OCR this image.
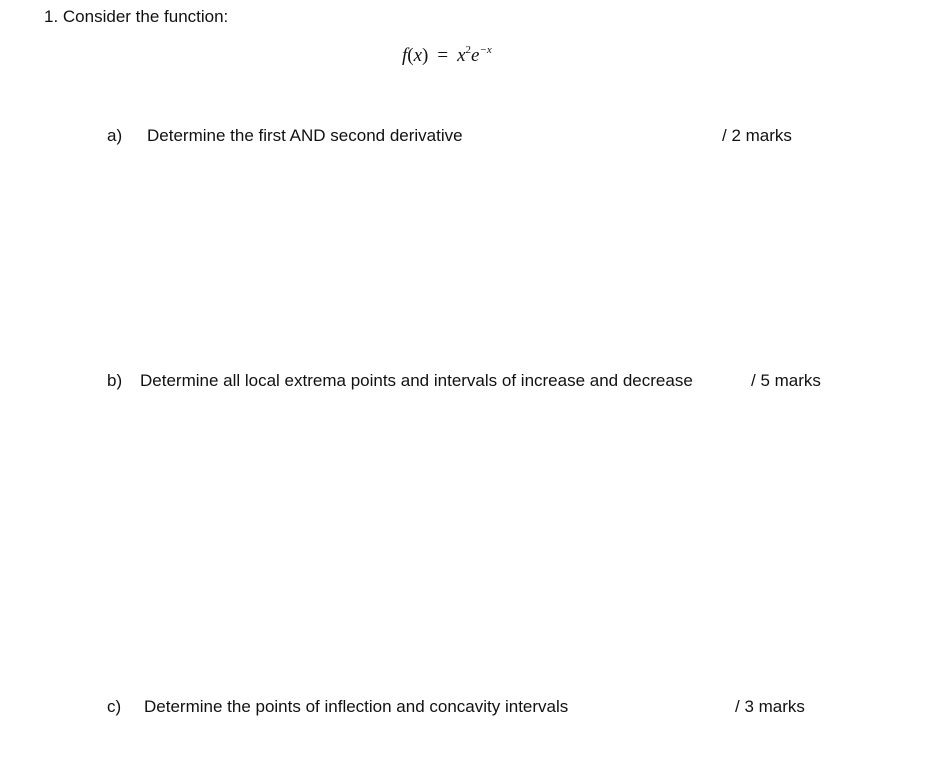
1. Consider the function:
$f(x) = x^2e^{-x}$
a) Determine the first AND second derivative	/ 2 marks
b) Determine all local extrema points and intervals of increase and decrease	/ 5 marks
c) Determine the points of inflection and concavity intervals	/ 3 marks
